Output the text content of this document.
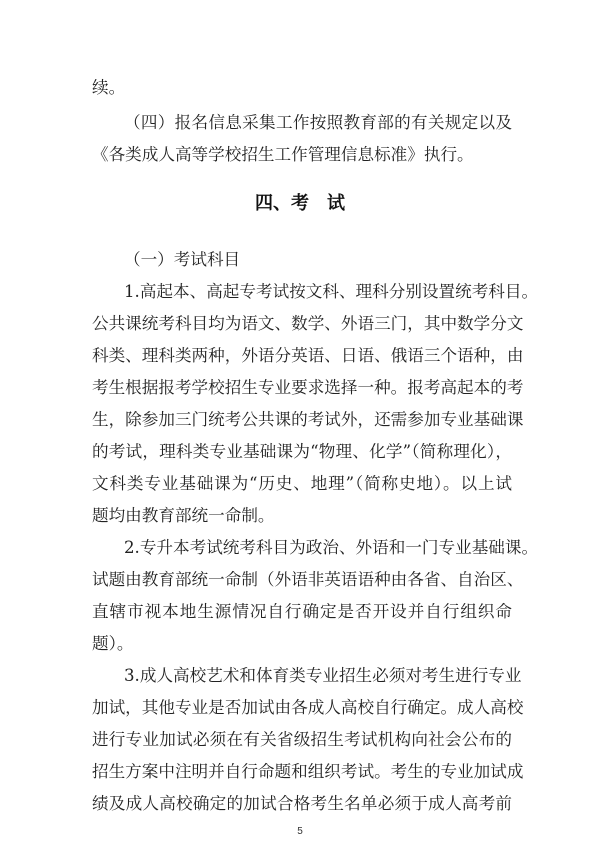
续。
（四）报名信息采集工作按照教育部的有关规定以及
《各类成人高等学校招生工作管理信息标准》执行。
四、考　试
（一）考试科目
1.高起本、高起专考试按文科、理科分别设置统考科目。
公共课统考科目均为语文、数学、外语三门，其中数学分文
科类、理科类两种，外语分英语、日语、俄语三个语种，由
考生根据报考学校招生专业要求选择一种。报考高起本的考
生，除参加三门统考公共课的考试外，还需参加专业基础课
的考试，理科类专业基础课为“物理、化学”（简称理化），
文科类专业基础课为“历史、地理”（简称史地）。以上试
题均由教育部统一命制。
2.专升本考试统考科目为政治、外语和一门专业基础课。
试题由教育部统一命制（外语非英语语种由各省、自治区、
直辖市视本地生源情况自行确定是否开设并自行组织命
题）。
3.成人高校艺术和体育类专业招生必须对考生进行专业
加试，其他专业是否加试由各成人高校自行确定。成人高校
进行专业加试必须在有关省级招生考试机构向社会公布的
招生方案中注明并自行命题和组织考试。考生的专业加试成
绩及成人高校确定的加试合格考生名单必须于成人高考前
5
